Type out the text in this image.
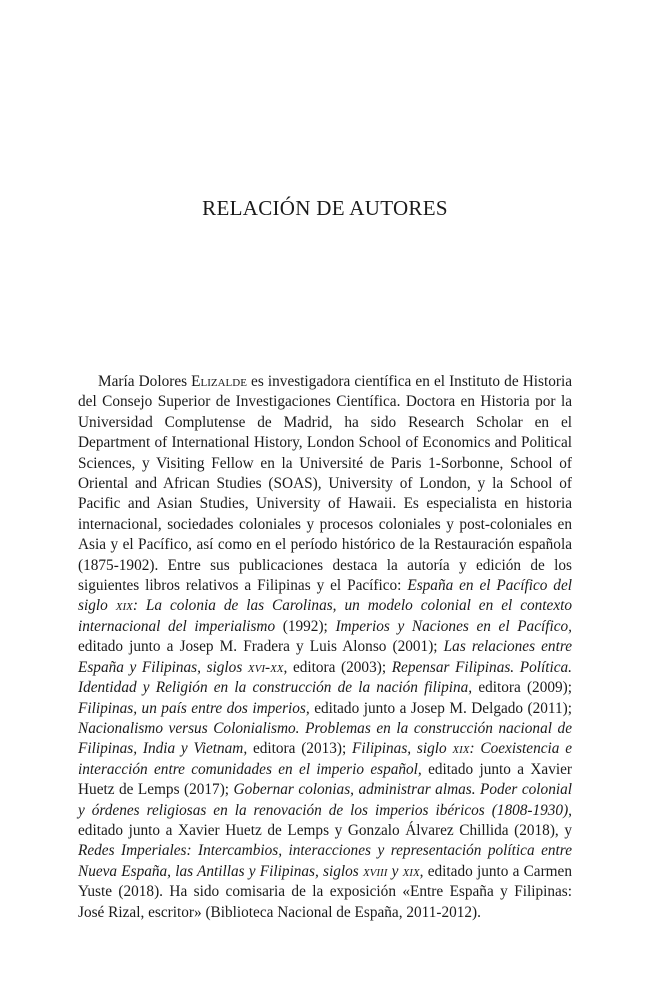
RELACIÓN DE AUTORES

María Dolores Elizalde es investigadora científica en el Instituto de Historia del Consejo Superior de Investigaciones Científica. Doctora en Historia por la Universidad Complutense de Madrid, ha sido Research Scholar en el Department of International History, London School of Economics and Political Sciences, y Visiting Fellow en la Université de Paris 1-Sorbonne, School of Oriental and African Studies (SOAS), University of London, y la School of Pacific and Asian Studies, University of Hawaii. Es especialista en historia internacional, sociedades coloniales y procesos coloniales y post-coloniales en Asia y el Pacífico, así como en el período histórico de la Restauración española (1875-1902). Entre sus publicaciones destaca la autoría y edición de los siguientes libros relativos a Filipinas y el Pacífico: España en el Pacífico del siglo xix: La colonia de las Carolinas, un modelo colonial en el contexto internacional del imperialismo (1992); Imperios y Naciones en el Pacífico, editado junto a Josep M. Fradera y Luis Alonso (2001); Las relaciones entre España y Filipinas, siglos xvi-xx, editora (2003); Repensar Filipinas. Política. Identidad y Religión en la construcción de la nación filipina, editora (2009); Filipinas, un país entre dos imperios, editado junto a Josep M. Delgado (2011); Nacionalismo versus Colonialismo. Problemas en la construcción nacional de Filipinas, India y Vietnam, editora (2013); Filipinas, siglo xix: Coexistencia e interacción entre comunidades en el imperio español, editado junto a Xavier Huetz de Lemps (2017); Gobernar colonias, administrar almas. Poder colonial y órdenes religiosas en la renovación de los imperios ibéricos (1808-1930), editado junto a Xavier Huetz de Lemps y Gonzalo Álvarez Chillida (2018), y Redes Imperiales: Intercambios, interacciones y representación política entre Nueva España, las Antillas y Filipinas, siglos xviii y xix, editado junto a Carmen Yuste (2018). Ha sido comisaria de la exposición «Entre España y Filipinas: José Rizal, escritor» (Biblioteca Nacional de España, 2011-2012).
